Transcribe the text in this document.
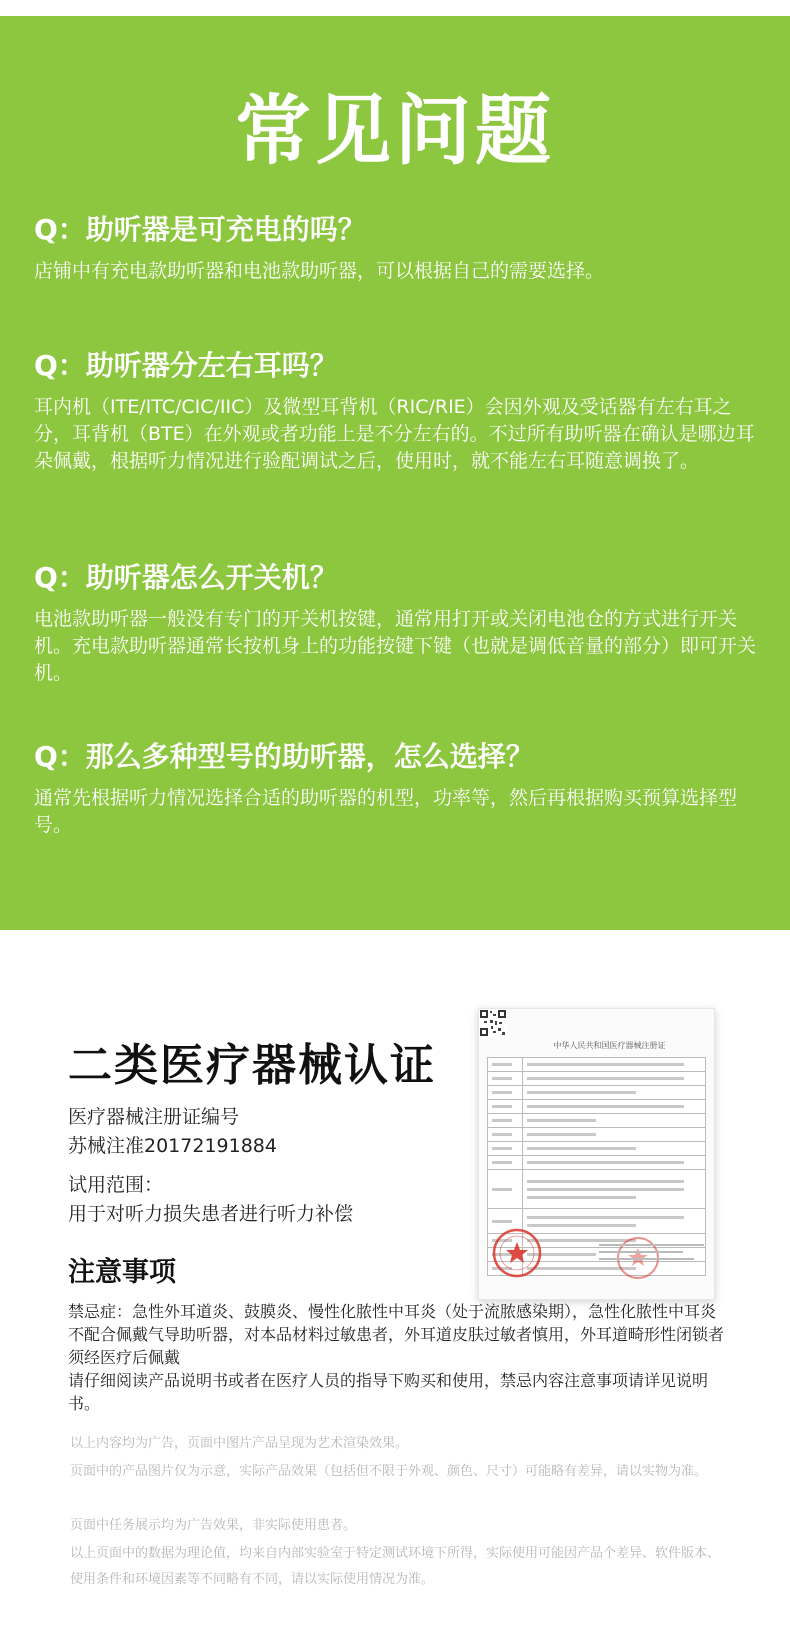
常见问题

Q：助听器是可充电的吗？

店铺中有充电款助听器和电池款助听器，可以根据自己的需要选择。

Q：助听器分左右耳吗？

耳内机（ITE/ITC/CIC/IIC）及微型耳背机（RIC/RIE）会因外观及受话器有左右耳之分，耳背机（BTE）在外观或者功能上是不分左右的。不过所有助听器在确认是哪边耳朵佩戴，根据听力情况进行验配调试之后，使用时，就不能左右耳随意调换了。

Q：助听器怎么开关机？

电池款助听器一般没有专门的开关机按键，通常用打开或关闭电池仓的方式进行开关机。充电款助听器通常长按机身上的功能按键下键（也就是调低音量的部分）即可开关机。

Q：那么多种型号的助听器，怎么选择？

通常先根据听力情况选择合适的助听器的机型，功率等，然后再根据购买预算选择型号。

二类医疗器械认证
医疗器械注册证编号
苏械注准20172191884
试用范围：
用于对听力损失患者进行听力补偿
中华人民共和国医疗器械注册证

注意事项

禁忌症：急性外耳道炎、鼓膜炎、慢性化脓性中耳炎（处于流脓感染期），急性化脓性中耳炎不配合佩戴气导助听器，对本品材料过敏患者，外耳道皮肤过敏者慎用，外耳道畸形性闭锁者须经医疗后佩戴

请仔细阅读产品说明书或者在医疗人员的指导下购买和使用，禁忌内容注意事项请详见说明书。

以上内容均为广告，页面中图片产品呈现为艺术渲染效果。

页面中的产品图片仅为示意，实际产品效果（包括但不限于外观、颜色、尺寸）可能略有差异，请以实物为准。

页面中任务展示均为广告效果，非实际使用患者。

以上页面中的数据为理论值，均来自内部实验室于特定测试环境下所得，实际使用可能因产品个差异、软件版本、使用条件和环境因素等不同略有不同，请以实际使用情况为准。
